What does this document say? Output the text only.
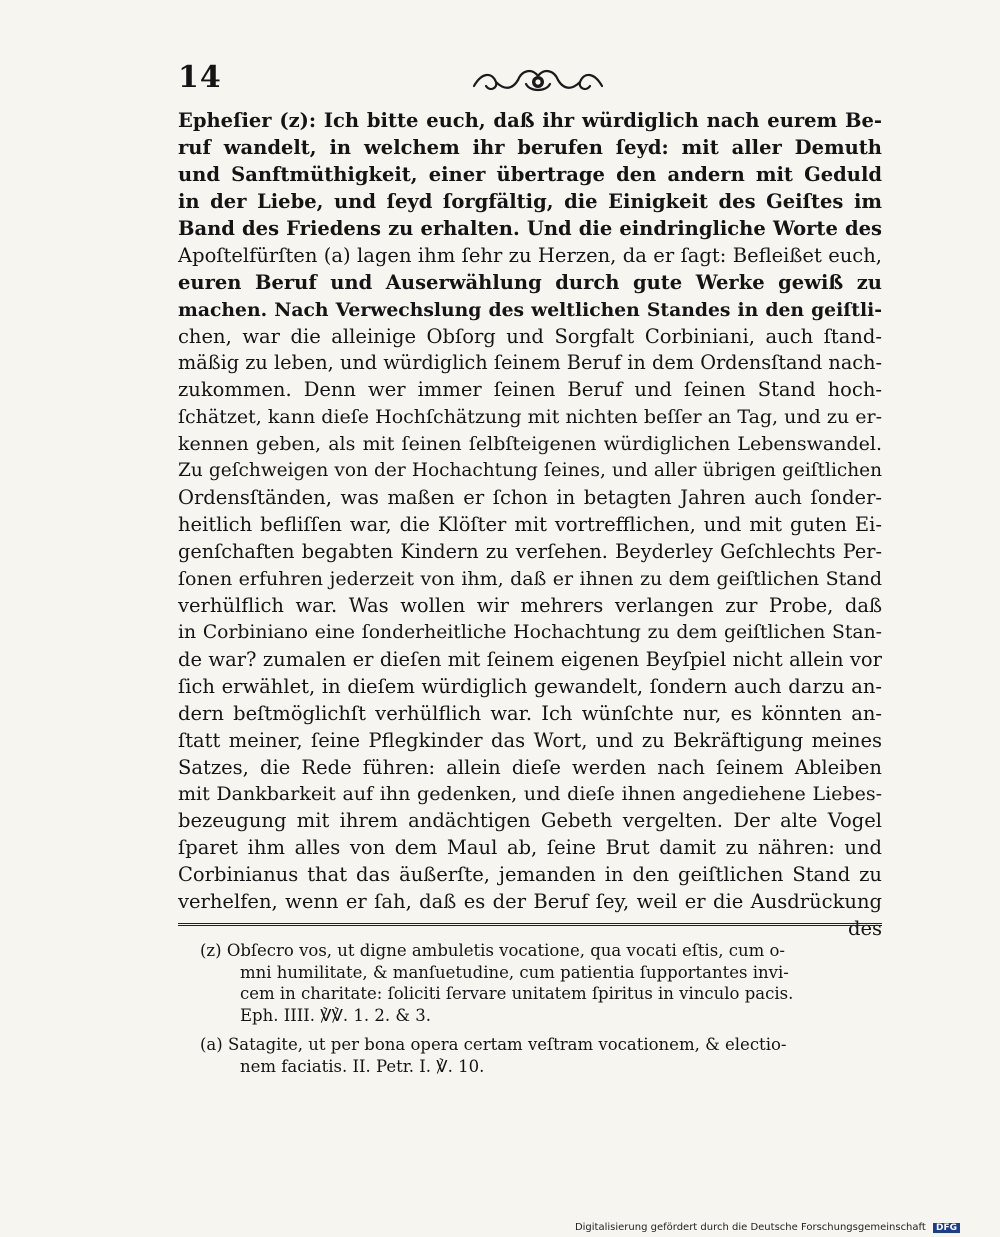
14
Epheſier (z): Ich bitte euch, daß ihr würdiglich nach eurem Be-
ruf wandelt, in welchem ihr berufen ſeyd: mit aller Demuth
und Sanftmüthigkeit, einer übertrage den andern mit Geduld
in der Liebe, und ſeyd ſorgfältig, die Einigkeit des Geiſtes im
Band des Friedens zu erhalten. Und die eindringliche Worte des
Apoſtelfürſten (a) lagen ihm ſehr zu Herzen, da er ſagt: Befleißet euch,
euren Beruf und Auserwählung durch gute Werke gewiß zu
machen. Nach Verwechslung des weltlichen Standes in den geiſtli-
chen, war die alleinige Obſorg und Sorgfalt Corbiniani, auch ſtand-
mäßig zu leben, und würdiglich ſeinem Beruf in dem Ordensſtand nach-
zukommen. Denn wer immer ſeinen Beruf und ſeinen Stand hoch-
ſchätzet, kann dieſe Hochſchätzung mit nichten beſſer an Tag, und zu er-
kennen geben, als mit ſeinen ſelbſteigenen würdiglichen Lebenswandel.
Zu geſchweigen von der Hochachtung ſeines, und aller übrigen geiſtlichen
Ordensſtänden, was maßen er ſchon in betagten Jahren auch ſonder-
heitlich befliſſen war, die Klöſter mit vortrefflichen, und mit guten Ei-
genſchaften begabten Kindern zu verſehen. Beyderley Geſchlechts Per-
ſonen erfuhren jederzeit von ihm, daß er ihnen zu dem geiſtlichen Stand
verhülflich war. Was wollen wir mehrers verlangen zur Probe, daß
in Corbiniano eine ſonderheitliche Hochachtung zu dem geiſtlichen Stan-
de war? zumalen er dieſen mit ſeinem eigenen Beyſpiel nicht allein vor
ſich erwählet, in dieſem würdiglich gewandelt, ſondern auch darzu an-
dern beſtmöglichſt verhülflich war. Ich wünſchte nur, es könnten an-
ſtatt meiner, ſeine Pflegkinder das Wort, und zu Bekräftigung meines
Satzes, die Rede führen: allein dieſe werden nach ſeinem Ableiben
mit Dankbarkeit auf ihn gedenken, und dieſe ihnen angediehene Liebes-
bezeugung mit ihrem andächtigen Gebeth vergelten. Der alte Vogel
ſparet ihm alles von dem Maul ab, ſeine Brut damit zu nähren: und
Corbinianus that das äußerſte, jemanden in den geiſtlichen Stand zu
verhelfen, wenn er ſah, daß es der Beruf ſey, weil er die Ausdrückung
des
(z) Obſecro vos, ut digne ambuletis vocatione, qua vocati eſtis, cum o-
mni humilitate, & manſuetudine, cum patientia ſupportantes invi-
cem in charitate: ſoliciti ſervare unitatem ſpiritus in vinculo pacis.
Eph. IIII. ℣℣. 1. 2. & 3.
(a) Satagite, ut per bona opera certam veſtram vocationem, & electio-
nem faciatis. II. Petr. I. ℣. 10.
Digitalisierung gefördert durch die Deutsche Forschungsgemeinschaft DFG
